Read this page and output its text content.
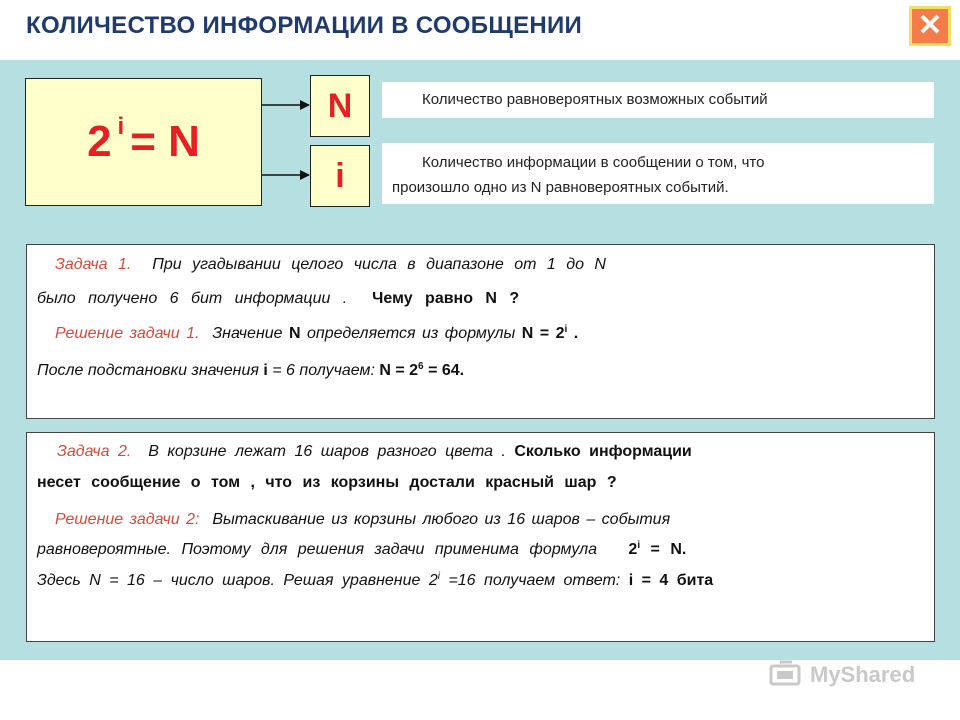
КОЛИЧЕСТВО ИНФОРМАЦИИ В СООБЩЕНИИ	✕
2 $^i$ = N
N
i
Количество равновероятных возможных событий
Количество информации в сообщении о том, что
произошло одно из N равновероятных событий.
Задача 1. При угадывании целого числа в диапазоне от 1 до N
было получено 6 бит информации . Чему равно N ?
Решение задачи 1. Значение N определяется из формулы $N = 2^i$ .
После подстановки значения i = 6 получаем: $N = 2^6 = 64$.
Задача 2. В корзине лежат 16 шаров разного цвета . Сколько информации
несет сообщение о том , что из корзины достали красный шар ?
Решение задачи 2: Вытаскивание из корзины любого из 16 шаров – события
равновероятные. Поэтому для решения задачи применима формула $2^i = N$.
Здесь N = 16 – число шаров. Решая уравнение $2^i =16$ получаем ответ: i = 4 бита
MyShared
